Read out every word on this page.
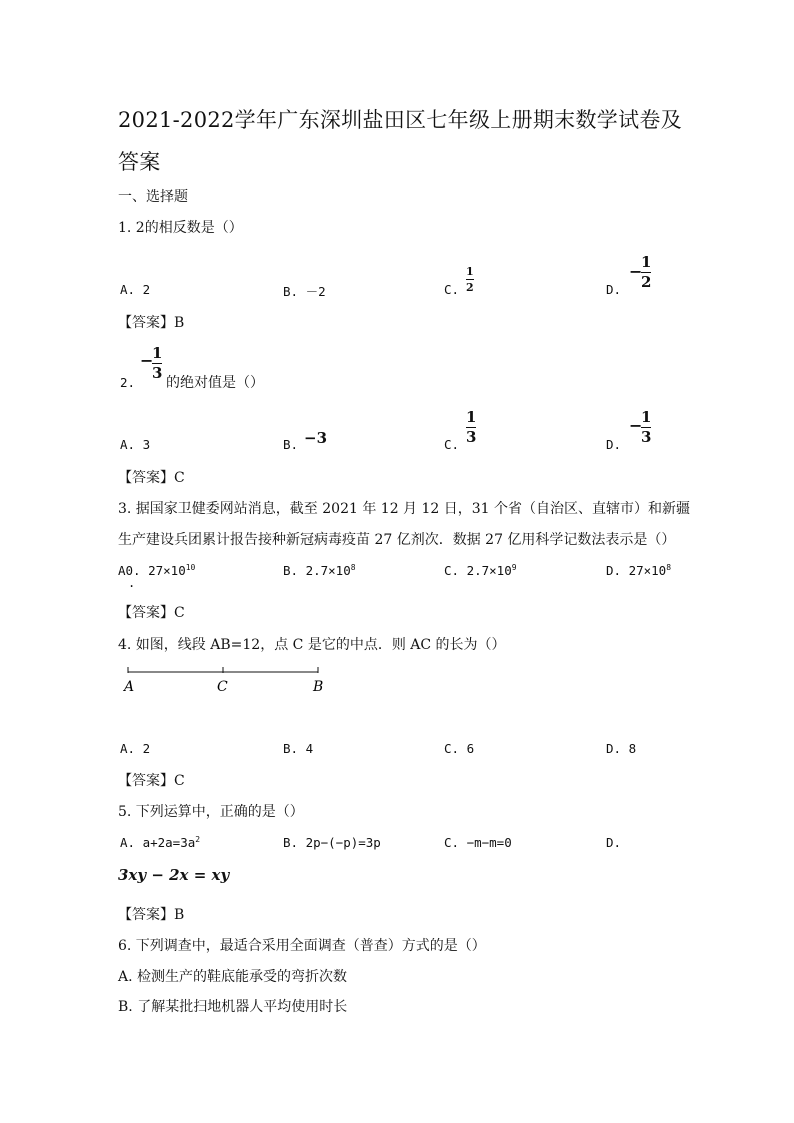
2021-2022学年广东深圳盐田区七年级上册期末数学试卷及
答案
一、选择题
1. 2的相反数是（）
A. 2	B. －2	C.
1
2	D.
−
1
2
【答案】B
2.
−
1
3
的绝对值是（）
A. 3	B. −3	C.
1
3	D.
−
1
3
【答案】C
3. 据国家卫健委网站消息，截至 2021 年 12 月 12 日，31 个省（自治区、直辖市）和新疆
生产建设兵团累计报告接种新冠病毒疫苗 27 亿剂次．数据 27 亿用科学记数法表示是（）
A0. $27\times 10^{10}$
.
B. $2.7\times 10^8$	C. $2.7\times 10^9$	D. $27\times 10^8$
【答案】C
4. 如图，线段 AB=12，点 C 是它的中点．则 AC 的长为（）
A	C	B
A. 2	B. 4	C. 6	D. 8
【答案】C
5. 下列运算中，正确的是（）
A. $a+2a=3a^2$	B. 2p−(−p)=3p	C. −m−m=0	D.
3xy − 2x = xy
【答案】B
6. 下列调查中，最适合采用全面调查（普查）方式的是（）
A. 检测生产的鞋底能承受的弯折次数
B. 了解某批扫地机器人平均使用时长
